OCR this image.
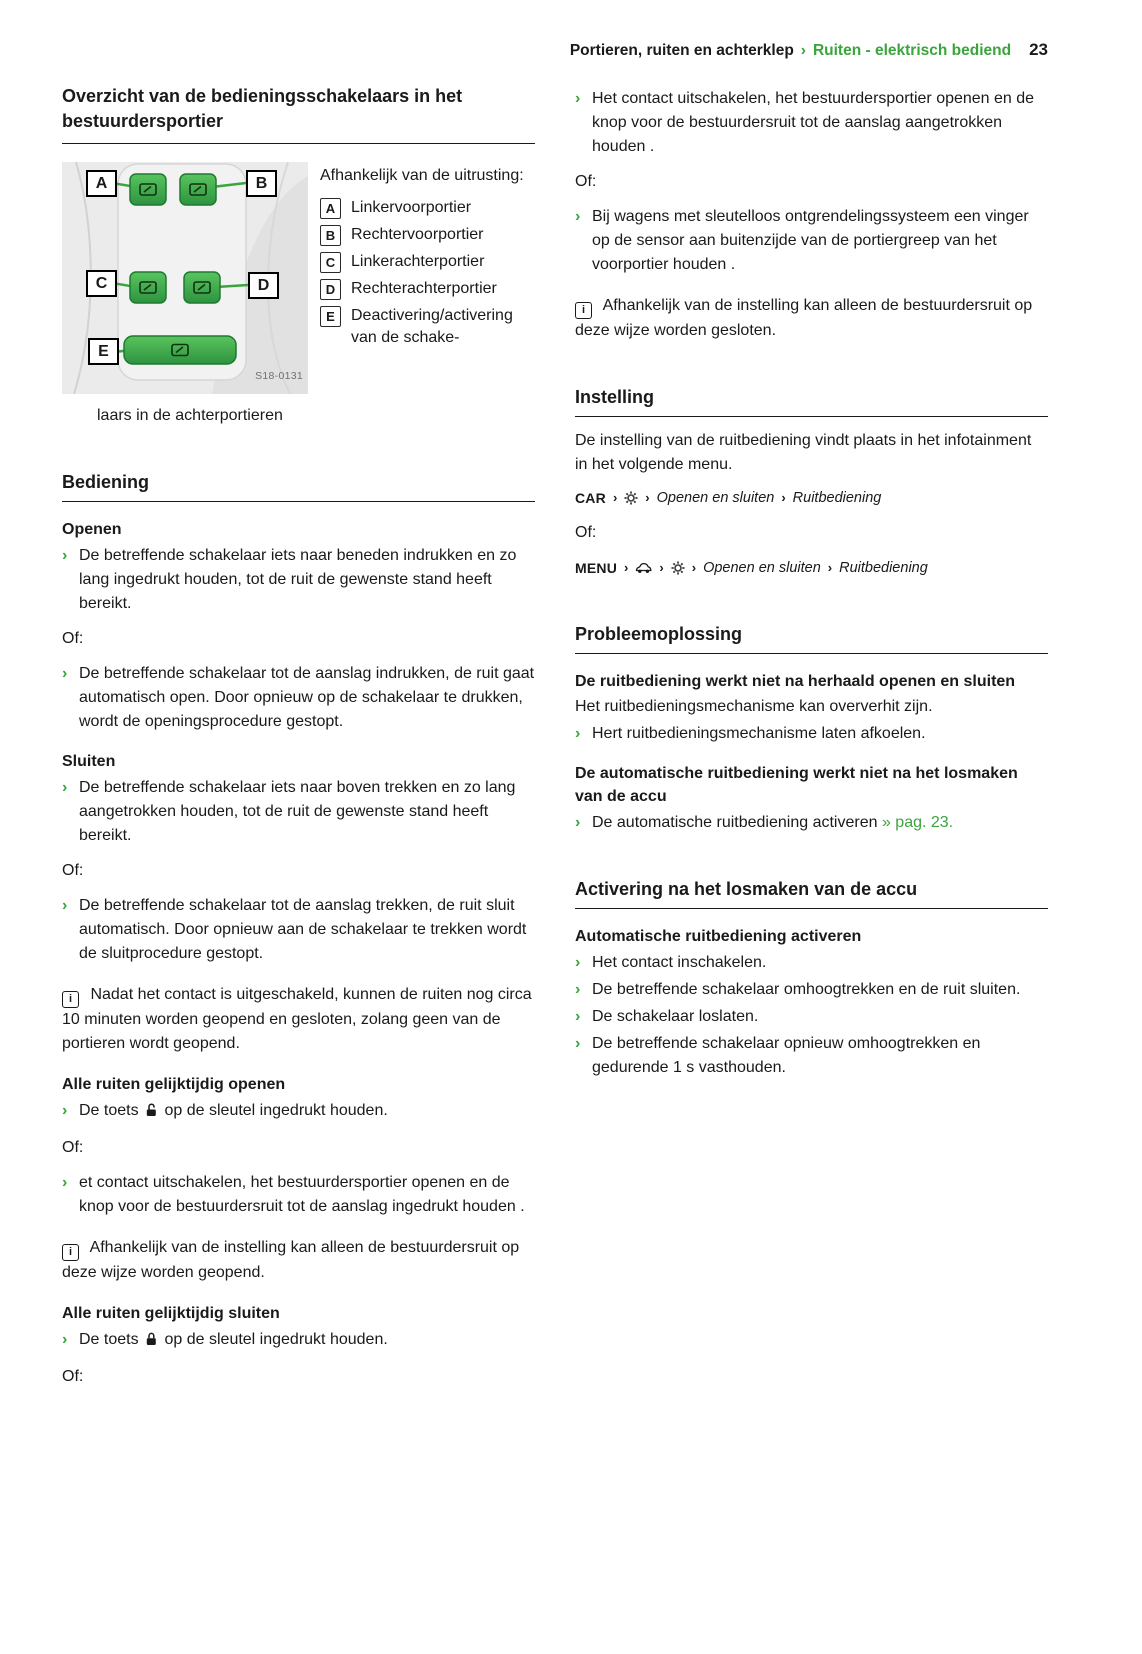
Portieren, ruiten en achterklep › Ruiten - elektrisch bediend 23
Overzicht van de bedieningsschakelaars in het bestuurdersportier
A	B
C	D
E
S18-0131

Afhankelijk van de uitrusting:

A Linkervoorportier
B Rechtervoorportier
C Linkerachterportier
D Rechterachterportier
E	Deactivering/activering van de schake-

laars in de achterportieren

Bediening
Openen
› De betreffende schakelaar iets naar beneden indrukken en zo lang ingedrukt houden, tot de ruit de gewenste stand heeft bereikt.

Of:

› De betreffende schakelaar tot de aanslag indrukken, de ruit gaat automatisch open. Door opnieuw op de schakelaar te drukken, wordt de openingsprocedure gestopt.
Sluiten
› De betreffende schakelaar iets naar boven trekken en zo lang aangetrokken houden, tot de ruit de gewenste stand heeft bereikt.

Of:

› De betreffende schakelaar tot de aanslag trekken, de ruit sluit automatisch. Door opnieuw aan de schakelaar te trekken wordt de sluitprocedure gestopt.

i Nadat het contact is uitgeschakeld, kunnen de ruiten nog circa 10 minuten worden geopend en gesloten, zolang geen van de portieren wordt geopend.

Alle ruiten gelijktijdig openen
› De toets op de sleutel ingedrukt houden.

Of:

› et contact uitschakelen, het bestuurdersportier openen en de knop voor de bestuurdersruit tot de aanslag ingedrukt houden .

i Afhankelijk van de instelling kan alleen de bestuurdersruit op deze wijze worden geopend.

Alle ruiten gelijktijdig sluiten
› De toets op de sleutel ingedrukt houden.

Of:

› Het contact uitschakelen, het bestuurdersportier openen en de knop voor de bestuurdersruit tot de aanslag aangetrokken houden .

Of:

› Bij wagens met sleutelloos ontgrendelingssysteem een vinger op de sensor aan buitenzijde van de portiergreep van het voorportier houden .

i Afhankelijk van de instelling kan alleen de bestuurdersruit op deze wijze worden gesloten.

Instelling

De instelling van de ruitbediening vindt plaats in het infotainment in het volgende menu.

CAR › › Openen en sluiten › Ruitbediening

Of:

MENU › › › Openen en sluiten › Ruitbediening

Probleemoplossing
De ruitbediening werkt niet na herhaald openen en sluiten

Het ruitbedieningsmechanisme kan oververhit zijn.

› Hert ruitbedieningsmechanisme laten afkoelen.
De automatische ruitbediening werkt niet na het losmaken van de accu
› De automatische ruitbediening activeren » pag. 23.
Activering na het losmaken van de accu
Automatische ruitbediening activeren
› Het contact inschakelen.
› De betreffende schakelaar omhoogtrekken en de ruit sluiten.
› De schakelaar loslaten.
› De betreffende schakelaar opnieuw omhoogtrekken en gedurende 1 s vasthouden.
